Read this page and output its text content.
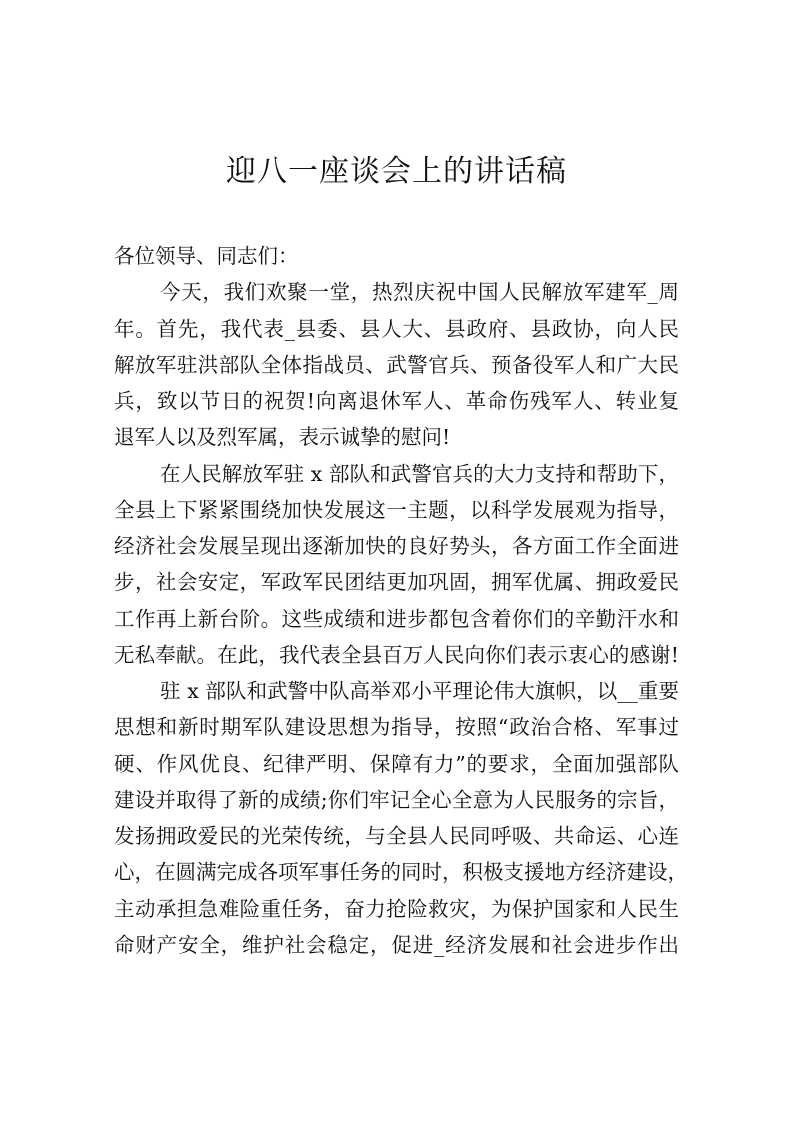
迎八一座谈会上的讲话稿
各位领导、同志们：
今天，我们欢聚一堂，热烈庆祝中国人民解放军建军_周
年。首先，我代表_县委、县人大、县政府、县政协，向人民
解放军驻洪部队全体指战员、武警官兵、预备役军人和广大民
兵，致以节日的祝贺!向离退休军人、革命伤残军人、转业复
退军人以及烈军属，表示诚挚的慰问!
在人民解放军驻 x 部队和武警官兵的大力支持和帮助下，
全县上下紧紧围绕加快发展这一主题，以科学发展观为指导，
经济社会发展呈现出逐渐加快的良好势头，各方面工作全面进
步，社会安定，军政军民团结更加巩固，拥军优属、拥政爱民
工作再上新台阶。这些成绩和进步都包含着你们的辛勤汗水和
无私奉献。在此，我代表全县百万人民向你们表示衷心的感谢!
驻 x 部队和武警中队高举邓小平理论伟大旗帜，以__重要
思想和新时期军队建设思想为指导，按照“政治合格、军事过
硬、作风优良、纪律严明、保障有力”的要求，全面加强部队
建设并取得了新的成绩;你们牢记全心全意为人民服务的宗旨，
发扬拥政爱民的光荣传统，与全县人民同呼吸、共命运、心连
心，在圆满完成各项军事任务的同时，积极支援地方经济建设，
主动承担急难险重任务，奋力抢险救灾，为保护国家和人民生
命财产安全，维护社会稳定，促进_经济发展和社会进步作出
